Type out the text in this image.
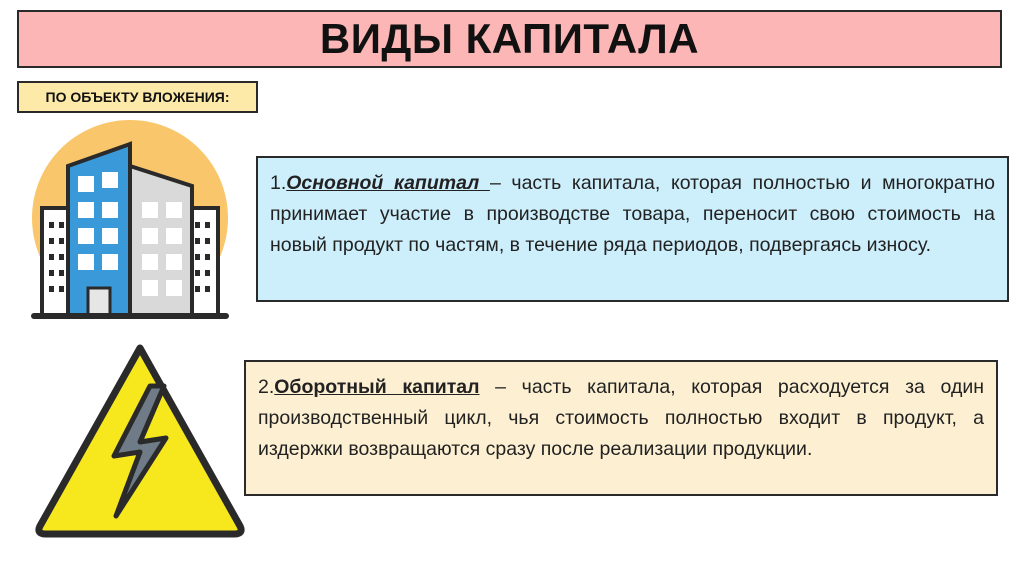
ВИДЫ КАПИТАЛА
ПО ОБЪЕКТУ ВЛОЖЕНИЯ:
1.Основной капитал – часть капитала, которая полностью и многократно принимает участие в производстве товара, переносит свою стоимость на новый продукт по частям, в течение ряда периодов, подвергаясь износу.
2.Оборотный капитал – часть капитала, которая расходуется за один производственный цикл, чья стоимость полностью входит в продукт, а издержки возвращаются сразу после реализации продукции.
